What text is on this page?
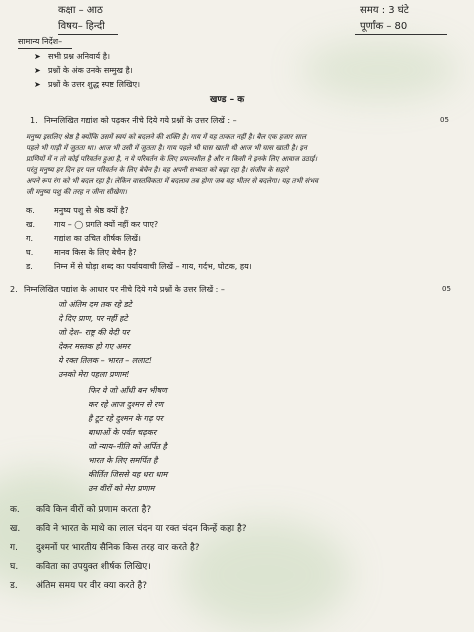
कक्षा – आठ
विषय– हिन्दी
समय : 3 घंटे
पूर्णांक – 80
सामान्य निर्देश–
➤ सभी प्रश्न अनिवार्य है।
➤ प्रश्नों के अंक उनके सम्मुख है।
➤ प्रश्नों के उत्तर शुद्ध स्पष्ट लिखिए।
खण्ड – क
1. निम्नलिखित गद्यांश को पढ़कर नीचे दिये गये प्रश्नों के उत्तर लिखें : –	05
मनुष्य इसलिए श्रेष्ठ है क्योंकि उसमें स्वयं को बदलने की शक्ति है। गाय में यह ताकत नहीं है। बैल एक हजार साल
पहले भी गाड़ी में जुतता था। आज भी उसी में जुतता है। गाय पहले भी घास खाती थी आज भी घास खाती है। इन
प्राणियों में न तो कोई परिवर्तन हुआ है, न ये परिवर्तन के लिए प्रयत्नशील है और न किसी ने इनके लिए आवाज उठाई।
परंतु मनुष्य हर दिन हर पल परिवर्तन के लिए बेचैन है। वह अपनी सभ्यता को बढ़ा रहा है। संजीव के सहारे
अपने रूप रंग को भी बदल रहा है। लेकिन वास्तविकता में बदलाव तब होगा जब वह भीतर से बदलेगा। यह तभी संभव
जी मनुष्य पशु की तरह न जीना सीखेगा।
क. मनुष्य पशु से श्रेष्ठ क्यों है?
ख. गाय – ◯ प्रगति क्यों नहीं कर पाए?
ग.	गद्यांश का उचित शीर्षक लिखें।
घ.	मानव किस के लिए बेचैन है?
ड.	निम्न में से घोड़ा शब्द का पर्यायवाची लिखें – गाय, गर्दभ, घोटक, हय।
2. निम्नलिखित पद्यांश के आधार पर नीचे दिये गये प्रश्नों के उत्तर लिखें : –	05
जो अंतिम दम तक रहे डटे
दे दिए प्राण, पर नहीं हटे
जो देश– राष्ट्र की वेदी पर
देकर मस्तक हो गए अमर
ये रक्त तिलक – भारत – ललाट!
उनको मेरा पहला प्रणाम!
फिर वे जो आँधी बन भीषण
कर रहे आज दुश्मन से रण
है टूट रहे दुश्मन के गढ़ पर
बाधाओं के पर्वत चढ़कर
जो न्याय–नीति को अर्पित है
भारत के लिए समर्पित है
कीर्तित जिससे यह धरा धाम
उन वीरों को मेरा प्रणाम
क. कवि किन वीरों को प्रणाम करता है?
ख. कवि ने भारत के माथे का लाल चंदन या रक्त चंदन किन्हें कहा है?
ग. दुश्मनों पर भारतीय सैनिक किस तरह वार करते है?
घ. कविता का उपयुक्त शीर्षक लिखिए।
ड. अंतिम समय पर वीर क्या करते है?
